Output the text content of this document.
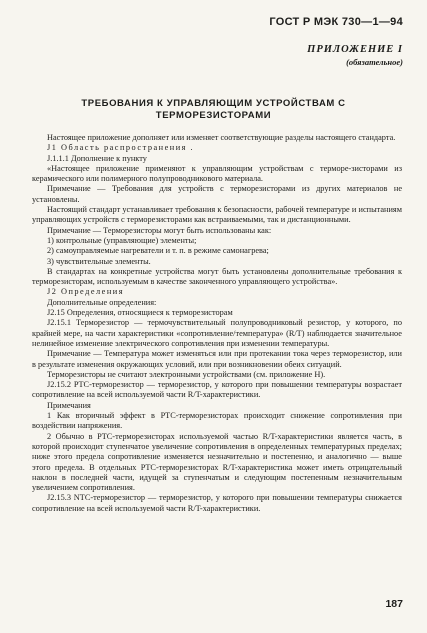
ГОСТ Р МЭК 730—1—94
ПРИЛОЖЕНИЕ I
(обязательное)
ТРЕБОВАНИЯ К УПРАВЛЯЮЩИМ УСТРОЙСТВАМ С
ТЕРМОРЕЗИСТОРАМИ

Настоящее приложение дополняет или изменяет соответствующие разделы настоящего стандарта.

J1 Область распространения .

J.1.1.1 Дополнение к пункту

«Настоящее приложение применяют к управляющим устройствам с терморе-зисторами из керамического или полимерного полупроводникового материала.

Примечание — Требования для устройств с терморезисторами из других материалов не установлены.

Настоящий стандарт устанавливает требования к безопасности, рабочей температуре и испытаниям управляющих устройств с терморезисторами как встраиваемыми, так и дистанционными.

Примечание — Терморезисторы могут быть использованы как:

1) контрольные (управляющие) элементы;

2) самоуправляемые нагреватели и т. п. в режиме самонагрева;

3) чувствительные элементы.

В стандартах на конкретные устройства могут быть установлены дополнительные требования к терморезисторам, используемым в качестве законченного управляющего устройства».

J2 Определения

Дополнительные определения:

J2.15 Определения, относящиеся к терморезисторам

J2.15.1 Терморезистор — термочувствительный полупроводниковый резистор, у которого, по крайней мере, на части характеристики «сопротивление/температура» (R/T) наблюдается значительное нелинейное изменение электрического сопротивления при изменении температуры.

Примечание — Температура может изменяться или при протекании тока через терморезистор, или в результате изменения окружающих условий, или при возникновении обеих ситуаций.

Терморезисторы не считают электронными устройствами (см. приложение Н).

J2.15.2 PTC-терморезистор — терморезистор, у которого при повышении температуры возрастает сопротивление на всей используемой части R/T-характеристики.

Примечания

1 Как вторичный эффект в PTC-терморезисторах происходит снижение сопротивления при воздействии напряжения.

2 Обычно в PTC-терморезисторах используемой частью R/T-характеристики является часть, в которой происходит ступенчатое увеличение сопротивления в определенных температурных пределах; ниже этого предела сопротивление изменяется незначительно и постепенно, и аналогично — выше этого предела. В отдельных PTC-терморезисторах R/T-характеристика может иметь отрицательный наклон в последней части, идущей за ступенчатым и следующим постепенным незначительным увеличением сопротивления.

J2.15.3 NTC-терморезистор — терморезистор, у которого при повышении температуры снижается сопротивление на всей используемой части R/T-характеристики.

187
